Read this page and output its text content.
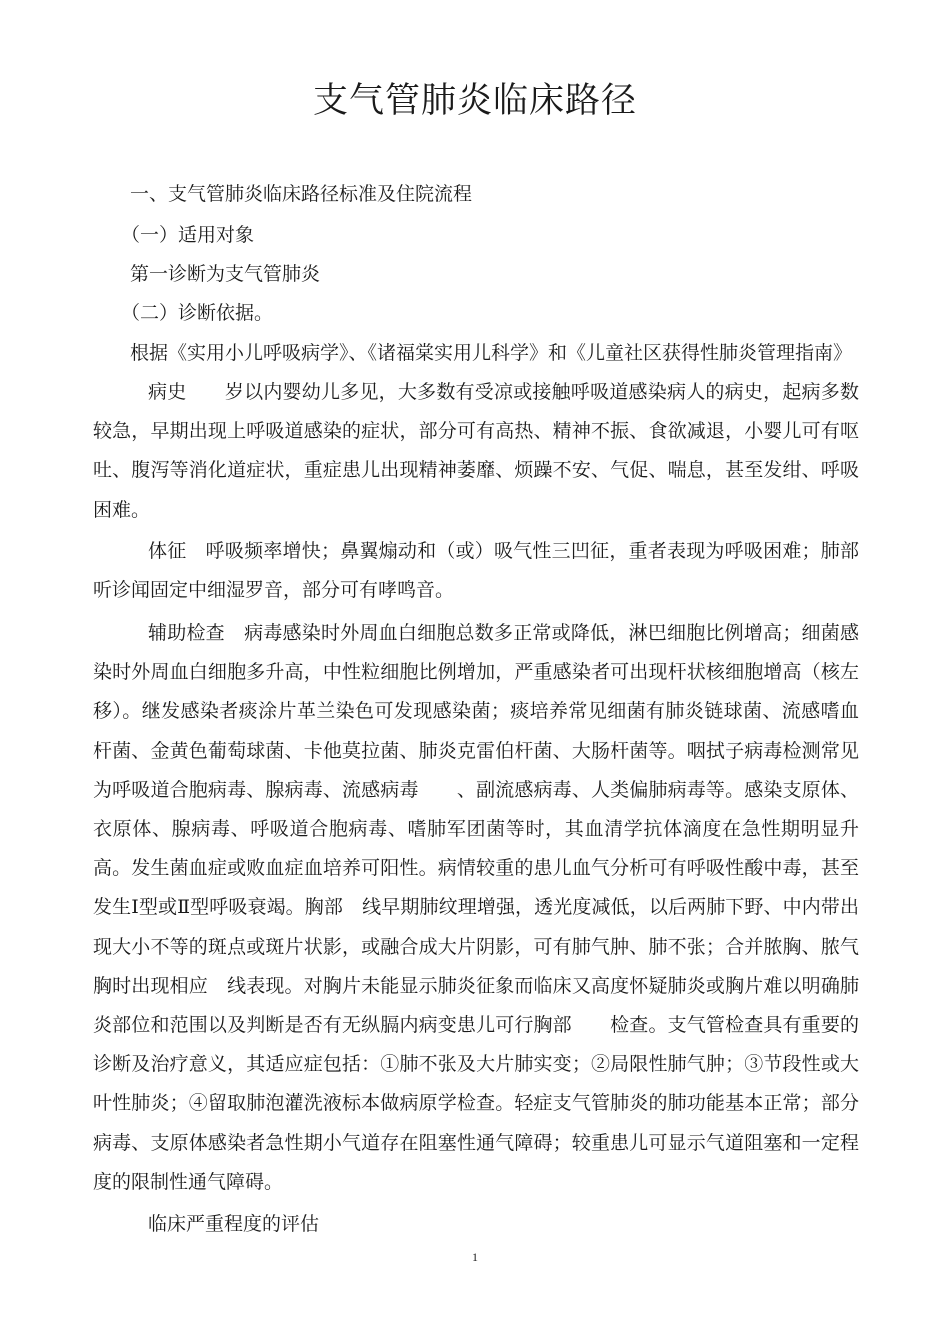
支气管肺炎临床路径

一、支气管肺炎临床路径标准及住院流程

（一）适用对象

第一诊断为支气管肺炎

（二）诊断依据。

根据《实用小儿呼吸病学》、《诸福棠实用儿科学》和《儿童社区获得性肺炎管理指南》

病史　　岁以内婴幼儿多见，大多数有受凉或接触呼吸道感染病人的病史，起病多数较急，早期出现上呼吸道感染的症状，部分可有高热、精神不振、食欲减退，小婴儿可有呕吐、腹泻等消化道症状，重症患儿出现精神萎靡、烦躁不安、气促、喘息，甚至发绀、呼吸困难。

体征　呼吸频率增快；鼻翼煽动和（或）吸气性三凹征，重者表现为呼吸困难；肺部听诊闻固定中细湿罗音，部分可有哮鸣音。

辅助检查　病毒感染时外周血白细胞总数多正常或降低，淋巴细胞比例增高；细菌感染时外周血白细胞多升高，中性粒细胞比例增加，严重感染者可出现杆状核细胞增高（核左移）。继发感染者痰涂片革兰染色可发现感染菌；痰培养常见细菌有肺炎链球菌、流感嗜血杆菌、金黄色葡萄球菌、卡他莫拉菌、肺炎克雷伯杆菌、大肠杆菌等。咽拭子病毒检测常见为呼吸道合胞病毒、腺病毒、流感病毒　　、副流感病毒、人类偏肺病毒等。感染支原体、衣原体、腺病毒、呼吸道合胞病毒、嗜肺军团菌等时，其血清学抗体滴度在急性期明显升高。发生菌血症或败血症血培养可阳性。病情较重的患儿血气分析可有呼吸性酸中毒，甚至发生Ⅰ型或Ⅱ型呼吸衰竭。胸部　线早期肺纹理增强，透光度减低，以后两肺下野、中内带出现大小不等的斑点或斑片状影，或融合成大片阴影，可有肺气肿、肺不张；合并脓胸、脓气胸时出现相应　线表现。对胸片未能显示肺炎征象而临床又高度怀疑肺炎或胸片难以明确肺炎部位和范围以及判断是否有无纵膈内病变患儿可行胸部　　检查。支气管检查具有重要的诊断及治疗意义，其适应症包括：①肺不张及大片肺实变；②局限性肺气肿；③节段性或大叶性肺炎；④留取肺泡灌洗液标本做病原学检查。轻症支气管肺炎的肺功能基本正常；部分病毒、支原体感染者急性期小气道存在阻塞性通气障碍；较重患儿可显示气道阻塞和一定程度的限制性通气障碍。

临床严重程度的评估

1
